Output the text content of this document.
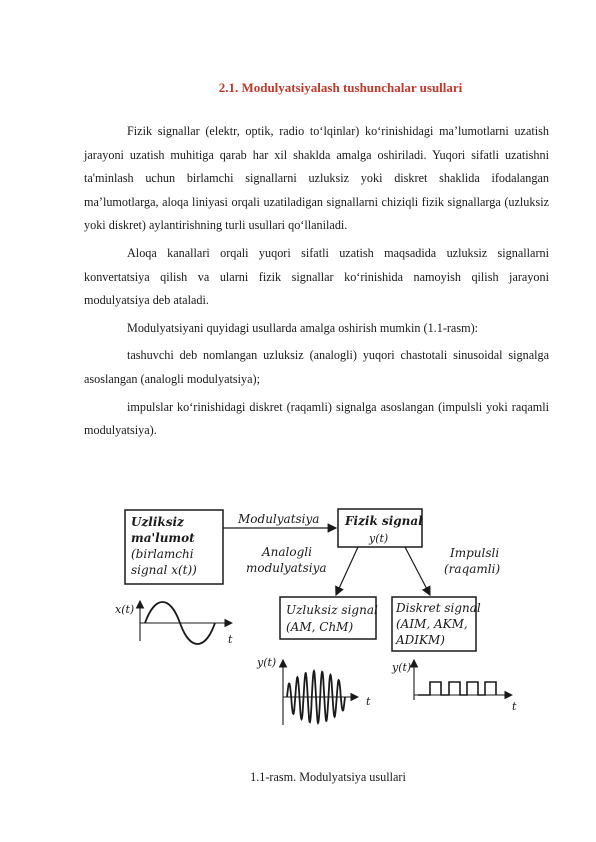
2.1. Modulyatsiyalash tushunchalar usullari

Fizik signallar (elektr, optik, radio to‘lqinlar) ko‘rinishidagi ma’lumotlarni uzatish jarayoni uzatish muhitiga qarab har xil shaklda amalga oshiriladi. Yuqori sifatli uzatishni ta'minlash uchun birlamchi signallarni uzluksiz yoki diskret shaklida ifodalangan ma’lumotlarga, aloqa liniyasi orqali uzatiladigan signallarni chiziqli fizik signallarga (uzluksiz yoki diskret) aylantirishning turli usullari qo‘llaniladi.

Aloqa kanallari orqali yuqori sifatli uzatish maqsadida uzluksiz signallarni konvertatsiya qilish va ularni fizik signallar ko‘rinishida namoyish qilish jarayoni modulyatsiya deb ataladi.

Modulyatsiyani quyidagi usullarda amalga oshirish mumkin (1.1-rasm):

tashuvchi deb nomlangan uzluksiz (analogli) yuqori chastotali sinusoidal signalga asoslangan (analogli modulyatsiya);

impulslar ko‘rinishidagi diskret (raqamli) signalga asoslangan (impulsli yoki raqamli modulyatsiya).

Uzliksiz
ma'lumot
(birlamchi
signal x(t))
Modulyatsiya Fizik signal
y(t)
Analogli
modulyatsiya
Impulsli
(raqamli)
Uzluksiz signal
(AM, ChM)
Diskret signal
(AIM, AKM,
ADIKM)
x(t)
t
y(t)
t
y(t)
t
1.1-rasm. Modulyatsiya usullari
